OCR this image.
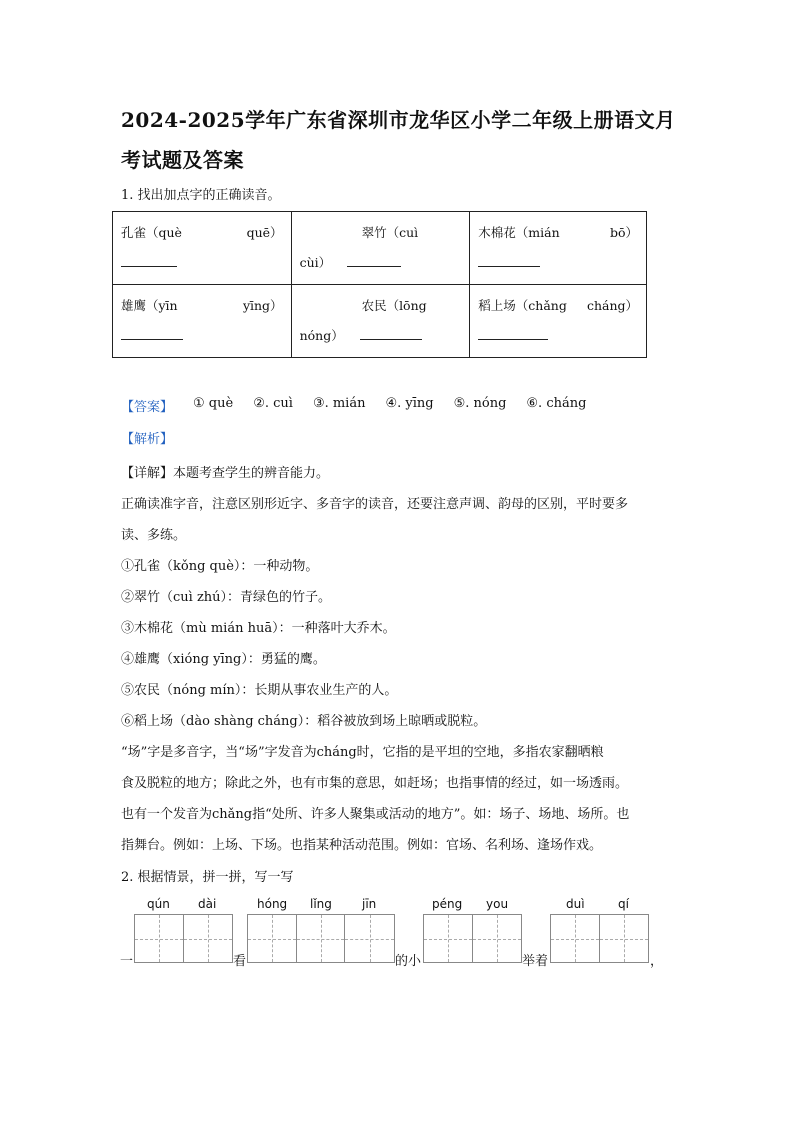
2024-2025学年广东省深圳市龙华区小学二年级上册语文月考试题及答案

1. 找出加点字的正确读音。

孔雀（què quē）	翠竹（cuì
cùi）	木棉花（mián bō）

雄鹰（yīn yīng）	农民（lōng
nóng）	稻上场（chǎng cháng）
【答案】 ① què ②. cuì ③. mián ④. yīng ⑤. nóng ⑥. cháng
【解析】

【详解】本题考查学生的辨音能力。

正确读准字音，注意区别形近字、多音字的读音，还要注意声调、韵母的区别，平时要多

读、多练。

①孔雀（kǒng què）：一种动物。

②翠竹（cuì zhú）：青绿色的竹子。

③木棉花（mù mián huā）：一种落叶大乔木。

④雄鹰（xióng yīng）：勇猛的鹰。

⑤农民（nóng mín）：长期从事农业生产的人。

⑥稻上场（dào shàng cháng）：稻谷被放到场上晾晒或脱粒。

“场”字是多音字，当“场”字发音为cháng时，它指的是平坦的空地，多指农家翻晒粮

食及脱粒的地方；除此之外，也有市集的意思，如赶场；也指事情的经过，如一场透雨。

也有一个发音为chǎng指“处所、许多人聚集或活动的地方”。如：场子、场地、场所。也

指舞台。例如：上场、下场。也指某种活动范围。例如：官场、名利场、逢场作戏。

2. 根据情景，拼一拼，写一写

qún dài	hóng lǐng	jīn	péng you	duì	qí
一	看	的小	举着	，
